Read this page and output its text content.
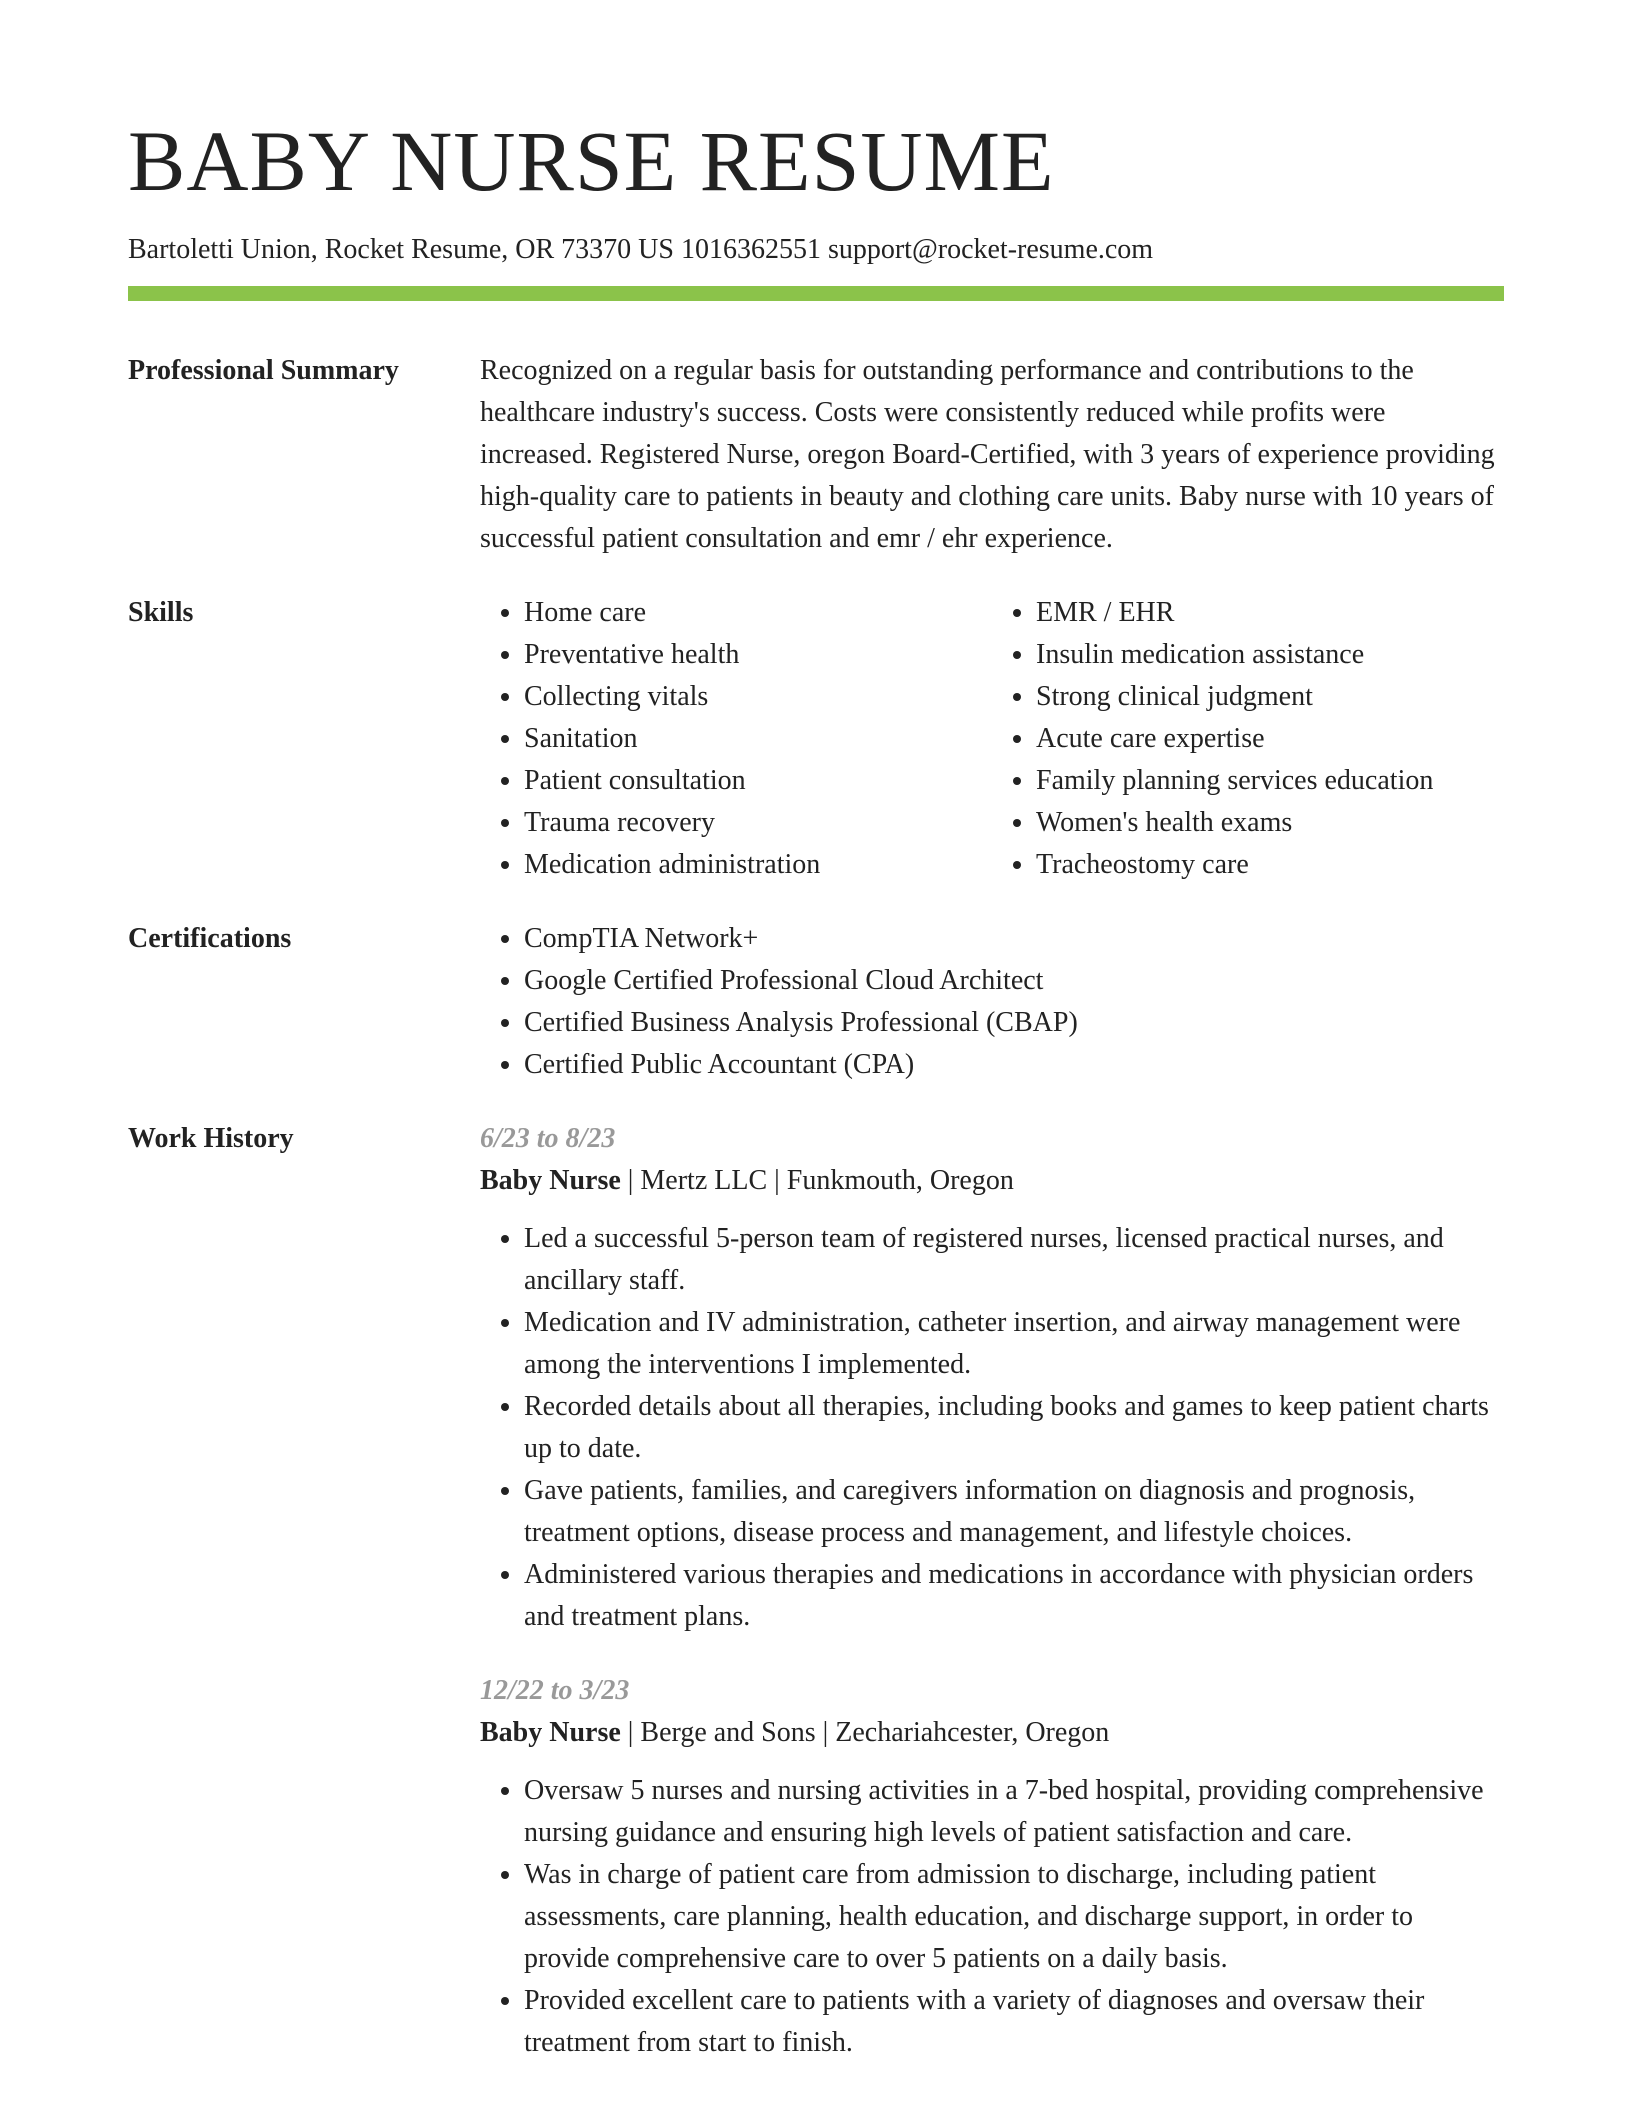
BABY NURSE RESUME
Bartoletti Union, Rocket Resume, OR 73370 US 1016362551 support@rocket-resume.com
Professional Summary	Recognized on a regular basis for outstanding performance and contributions to the healthcare industry's success. Costs were consistently reduced while profits were increased. Registered Nurse, oregon Board-Certified, with 3 years of experience providing high-quality care to patients in beauty and clothing care units. Baby nurse with 10 years of successful patient consultation and emr / ehr experience.

Skills	• Home care
• Preventative health
• Collecting vitals
• Sanitation
• Patient consultation
• Trauma recovery
• Medication administration
• EMR / EHR
• Insulin medication assistance
• Strong clinical judgment
• Acute care expertise
• Family planning services education
• Women's health exams
• Tracheostomy care
Certifications	• CompTIA Network+
• Google Certified Professional Cloud Architect
• Certified Business Analysis Professional (CBAP)
• Certified Public Accountant (CPA)
Work History	6/23 to 8/23
Baby Nurse | Mertz LLC | Funkmouth, Oregon
• Led a successful 5-person team of registered nurses, licensed practical nurses, and ancillary staff.
• Medication and IV administration, catheter insertion, and airway management were among the interventions I implemented.
• Recorded details about all therapies, including books and games to keep patient charts up to date.
• Gave patients, families, and caregivers information on diagnosis and prognosis, treatment options, disease process and management, and lifestyle choices.
• Administered various therapies and medications in accordance with physician orders and treatment plans.
12/22 to 3/23
Baby Nurse | Berge and Sons | Zechariahcester, Oregon
• Oversaw 5 nurses and nursing activities in a 7-bed hospital, providing comprehensive nursing guidance and ensuring high levels of patient satisfaction and care.
• Was in charge of patient care from admission to discharge, including patient assessments, care planning, health education, and discharge support, in order to provide comprehensive care to over 5 patients on a daily basis.
• Provided excellent care to patients with a variety of diagnoses and oversaw their treatment from start to finish.
